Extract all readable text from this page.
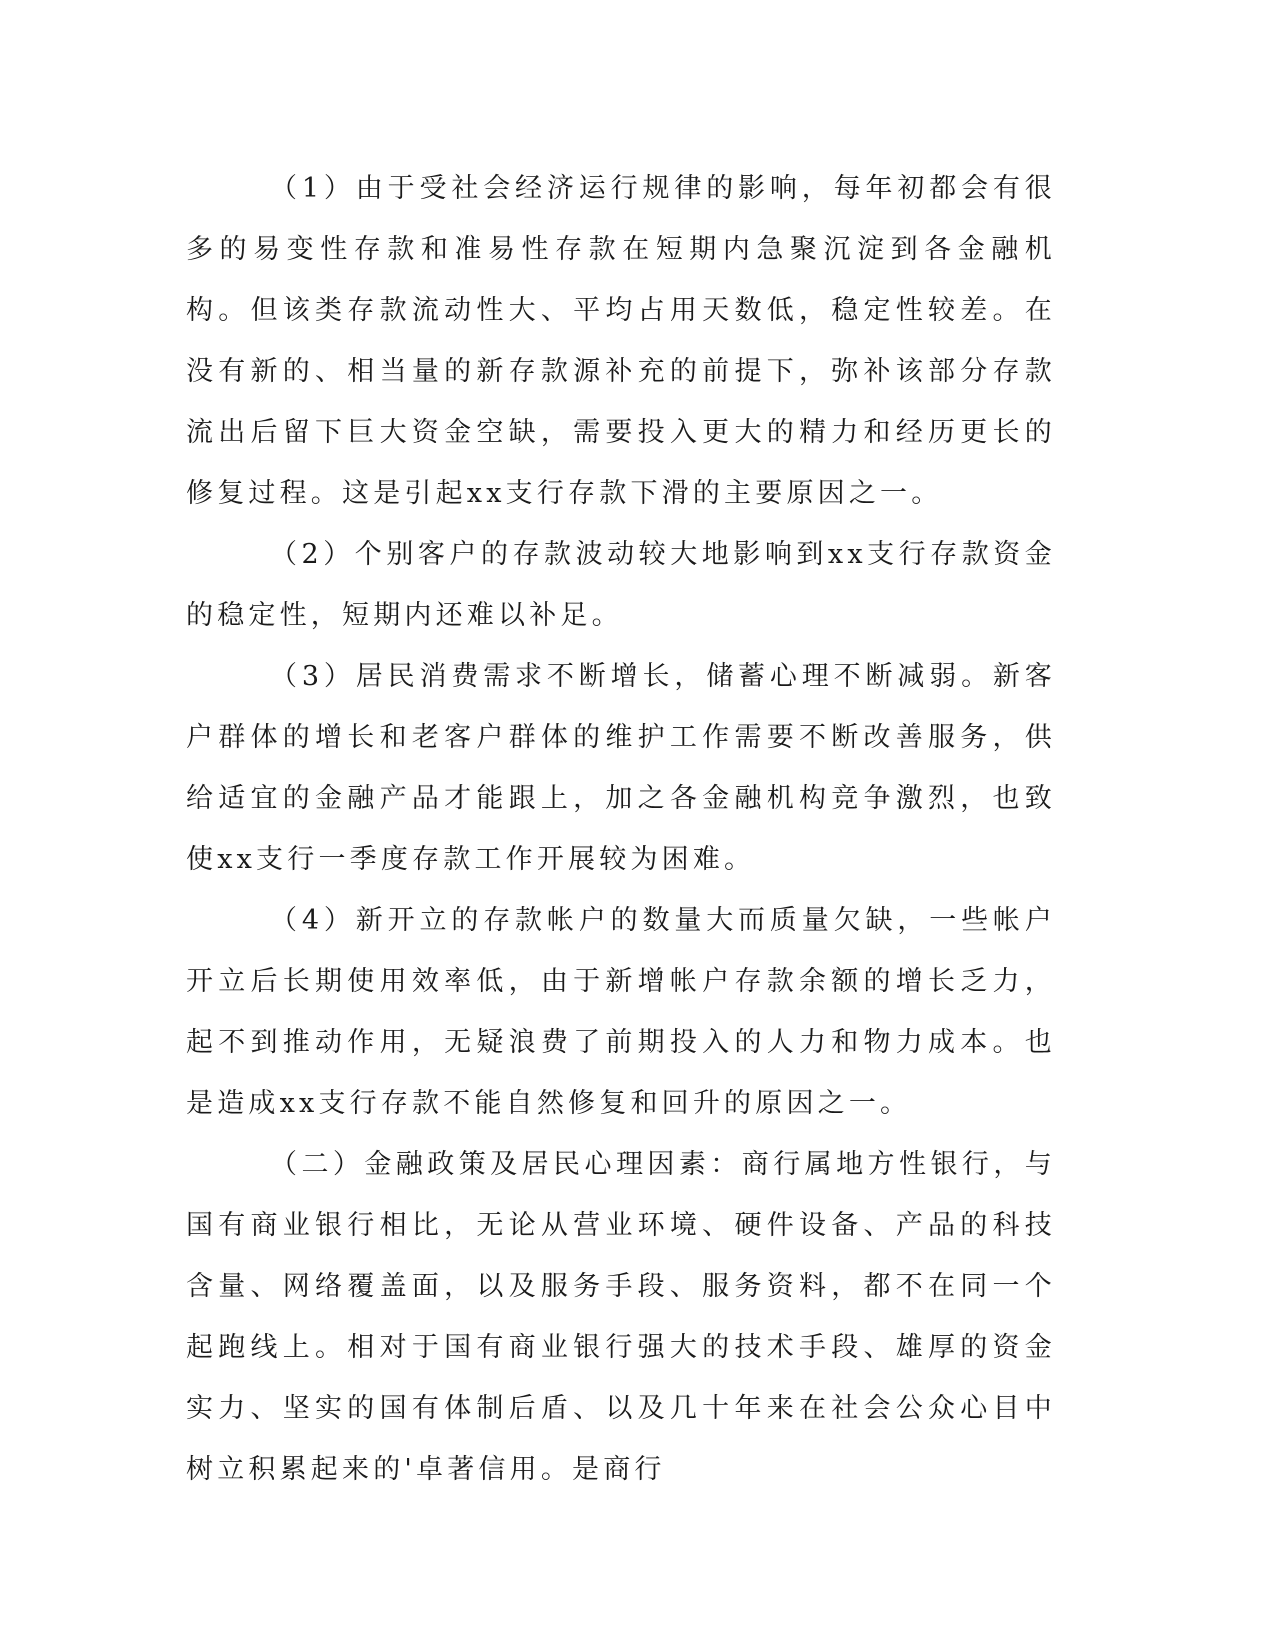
（1）由于受社会经济运行规律的影响，每年初都会有很多的易变性存款和准易性存款在短期内急聚沉淀到各金融机构。但该类存款流动性大、平均占用天数低，稳定性较差。在没有新的、相当量的新存款源补充的前提下，弥补该部分存款流出后留下巨大资金空缺，需要投入更大的精力和经历更长的修复过程。这是引起xx支行存款下滑的主要原因之一。

（2）个别客户的存款波动较大地影响到xx支行存款资金的稳定性，短期内还难以补足。

（3）居民消费需求不断增长，储蓄心理不断减弱。新客户群体的增长和老客户群体的维护工作需要不断改善服务，供给适宜的金融产品才能跟上，加之各金融机构竞争激烈，也致使xx支行一季度存款工作开展较为困难。

（4）新开立的存款帐户的数量大而质量欠缺，一些帐户开立后长期使用效率低，由于新增帐户存款余额的增长乏力，起不到推动作用，无疑浪费了前期投入的人力和物力成本。也是造成xx支行存款不能自然修复和回升的原因之一。

（二）金融政策及居民心理因素：商行属地方性银行，与国有商业银行相比，无论从营业环境、硬件设备、产品的科技含量、网络覆盖面，以及服务手段、服务资料，都不在同一个起跑线上。相对于国有商业银行强大的技术手段、雄厚的资金实力、坚实的国有体制后盾、以及几十年来在社会公众心目中树立积累起来的'卓著信用。是商行
